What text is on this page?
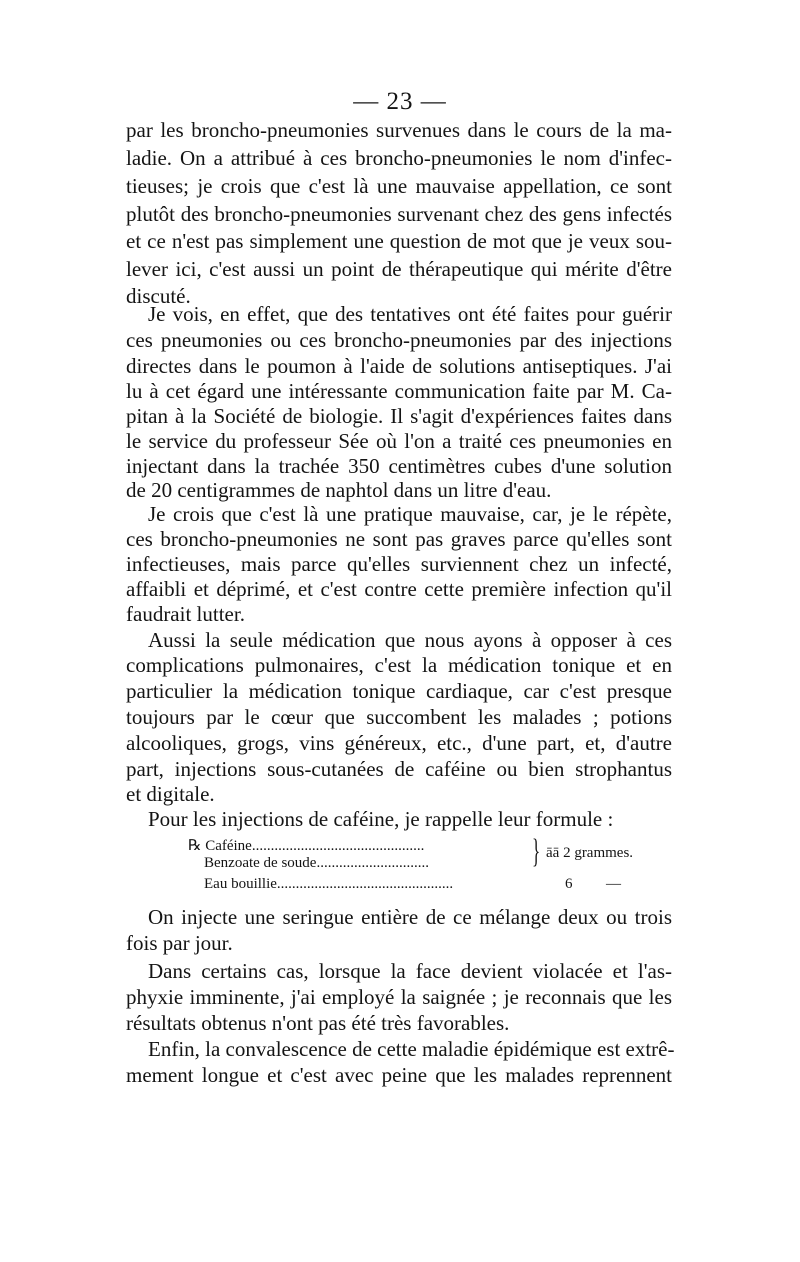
— 23 —
par les broncho-pneumonies survenues dans le cours de la ma-
ladie. On a attribué à ces broncho-pneumonies le nom d'infec-
tieuses; je crois que c'est là une mauvaise appellation, ce sont
plutôt des broncho-pneumonies survenant chez des gens infectés
et ce n'est pas simplement une question de mot que je veux sou-
lever ici, c'est aussi un point de thérapeutique qui mérite d'être
discuté.
Je vois, en effet, que des tentatives ont été faites pour guérir
ces pneumonies ou ces broncho-pneumonies par des injections
directes dans le poumon à l'aide de solutions antiseptiques. J'ai
lu à cet égard une intéressante communication faite par M. Ca-
pitan à la Société de biologie. Il s'agit d'expériences faites dans
le service du professeur Sée où l'on a traité ces pneumonies en
injectant dans la trachée 350 centimètres cubes d'une solution
de 20 centigrammes de naphtol dans un litre d'eau.
Je crois que c'est là une pratique mauvaise, car, je le répète,
ces broncho-pneumonies ne sont pas graves parce qu'elles sont
infectieuses, mais parce qu'elles surviennent chez un infecté,
affaibli et déprimé, et c'est contre cette première infection qu'il
faudrait lutter.
Aussi la seule médication que nous ayons à opposer à ces
complications pulmonaires, c'est la médication tonique et en
particulier la médication tonique cardiaque, car c'est presque
toujours par le cœur que succombent les malades ; potions
alcooliques, grogs, vins généreux, etc., d'une part, et, d'autre
part, injections sous-cutanées de caféine ou bien strophantus
et digitale.
Pour les injections de caféine, je rappelle leur formule :
℞ Caféine..............................................
Benzoate de soude..............................	} āā 2 grammes.
Eau bouillie...............................................	6 —
On injecte une seringue entière de ce mélange deux ou trois
fois par jour.
Dans certains cas, lorsque la face devient violacée et l'as-
phyxie imminente, j'ai employé la saignée ; je reconnais que les
résultats obtenus n'ont pas été très favorables.
Enfin, la convalescence de cette maladie épidémique est extrê-
mement longue et c'est avec peine que les malades reprennent
